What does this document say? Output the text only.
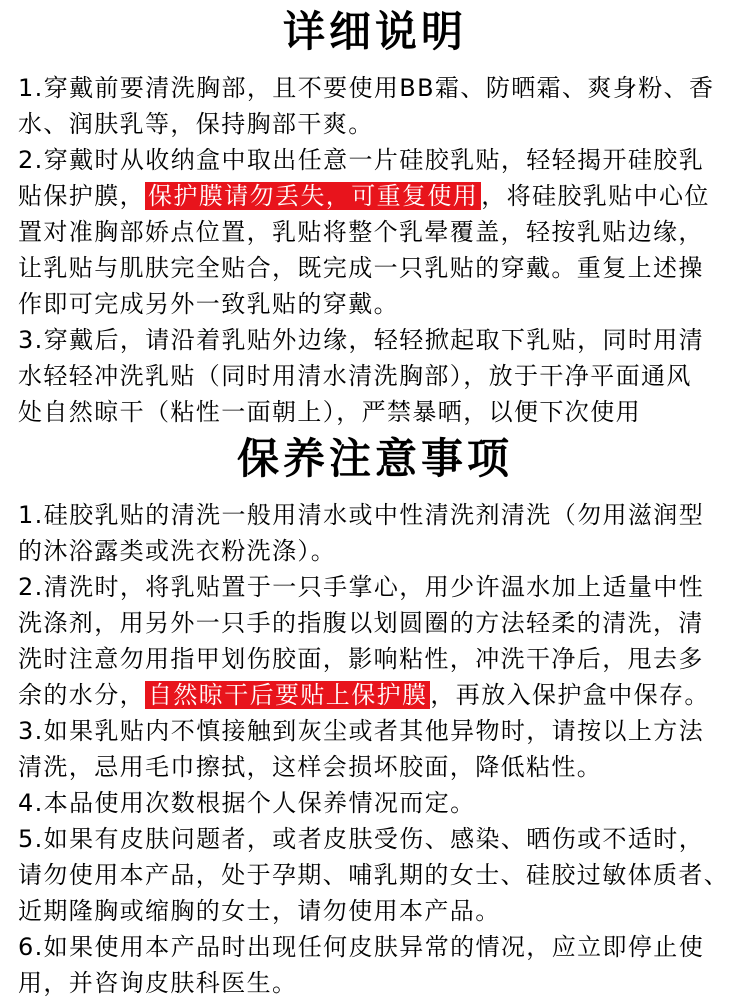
详细说明
1.穿戴前要清洗胸部，且不要使用BB霜、防晒霜、爽身粉、香
水、润肤乳等，保持胸部干爽。
2.穿戴时从收纳盒中取出任意一片硅胶乳贴，轻轻揭开硅胶乳
贴保护膜， 保护膜请勿丢失，可重复使用 ，将硅胶乳贴中心位
置对准胸部娇点位置，乳贴将整个乳晕覆盖，轻按乳贴边缘，
让乳贴与肌肤完全贴合，既完成一只乳贴的穿戴。重复上述操
作即可完成另外一致乳贴的穿戴。
3.穿戴后，请沿着乳贴外边缘，轻轻掀起取下乳贴，同时用清
水轻轻冲洗乳贴（同时用清水清洗胸部），放于干净平面通风
处自然晾干（粘性一面朝上），严禁暴晒，以便下次使用
保养注意事项
1.硅胶乳贴的清洗一般用清水或中性清洗剂清洗（勿用滋润型
的沐浴露类或洗衣粉洗涤）。
2.清洗时，将乳贴置于一只手掌心，用少许温水加上适量中性
洗涤剂，用另外一只手的指腹以划圆圈的方法轻柔的清洗，清
洗时注意勿用指甲划伤胶面，影响粘性，冲洗干净后，甩去多
余的水分， 自然晾干后要贴上保护膜 ，再放入保护盒中保存。
3.如果乳贴内不慎接触到灰尘或者其他异物时，请按以上方法
清洗，忌用毛巾擦拭，这样会损坏胶面，降低粘性。
4.本品使用次数根据个人保养情况而定。
5.如果有皮肤问题者，或者皮肤受伤、感染、晒伤或不适时，
请勿使用本产品，处于孕期、哺乳期的女士、硅胶过敏体质者、
近期隆胸或缩胸的女士，请勿使用本产品。
6.如果使用本产品时出现任何皮肤异常的情况，应立即停止使
用，并咨询皮肤科医生。
